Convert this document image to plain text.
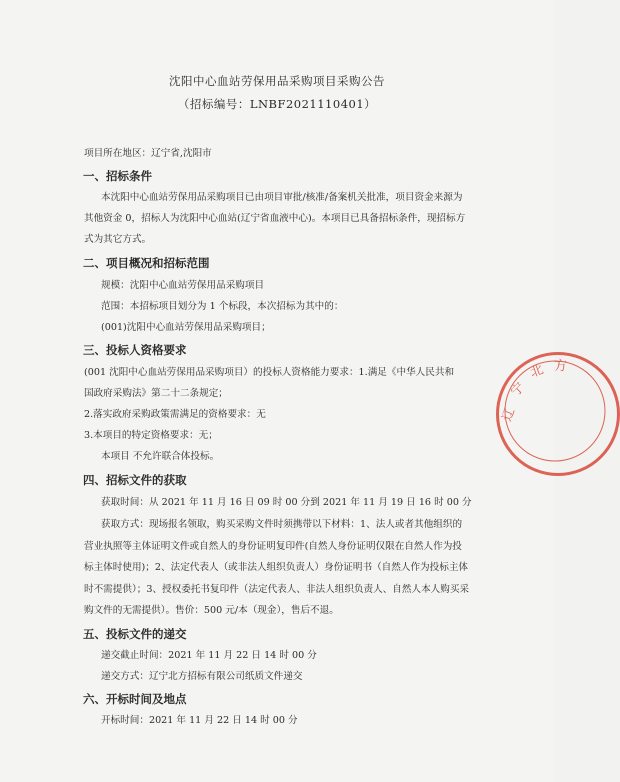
沈阳中心血站劳保用品采购项目采购公告
（招标编号：LNBF2021110401）
项目所在地区：辽宁省,沈阳市
一、招标条件
本沈阳中心血站劳保用品采购项目已由项目审批/核准/备案机关批准，项目资金来源为
其他资金 0，招标人为沈阳中心血站(辽宁省血液中心)。本项目已具备招标条件，现招标方
式为其它方式。
二、项目概况和招标范围
规模：沈阳中心血站劳保用品采购项目
范围：本招标项目划分为 1 个标段，本次招标为其中的：
(001)沈阳中心血站劳保用品采购项目；
三、投标人资格要求
(001 沈阳中心血站劳保用品采购项目）的投标人资格能力要求：1.满足《中华人民共和
国政府采购法》第二十二条规定；
2.落实政府采购政策需满足的资格要求：无
3.本项目的特定资格要求：无；
本项目 不允许联合体投标。
四、招标文件的获取
获取时间：从 2021 年 11 月 16 日 09 时 00 分到 2021 年 11 月 19 日 16 时 00 分
获取方式：现场报名领取，购买采购文件时须携带以下材料：1、法人或者其他组织的
营业执照等主体证明文件或自然人的身份证明复印件(自然人身份证明仅限在自然人作为投
标主体时使用)；2、法定代表人（或非法人组织负责人）身份证明书（自然人作为投标主体
时不需提供）；3、授权委托书复印件（法定代表人、非法人组织负责人、自然人本人购买采
购文件的无需提供）。售价：500 元/本（现金），售后不退。
五、投标文件的递交
递交截止时间：2021 年 11 月 22 日 14 时 00 分
递交方式：辽宁北方招标有限公司纸质文件递交
六、开标时间及地点
开标时间：2021 年 11 月 22 日 14 时 00 分
辽
宁
北 方
